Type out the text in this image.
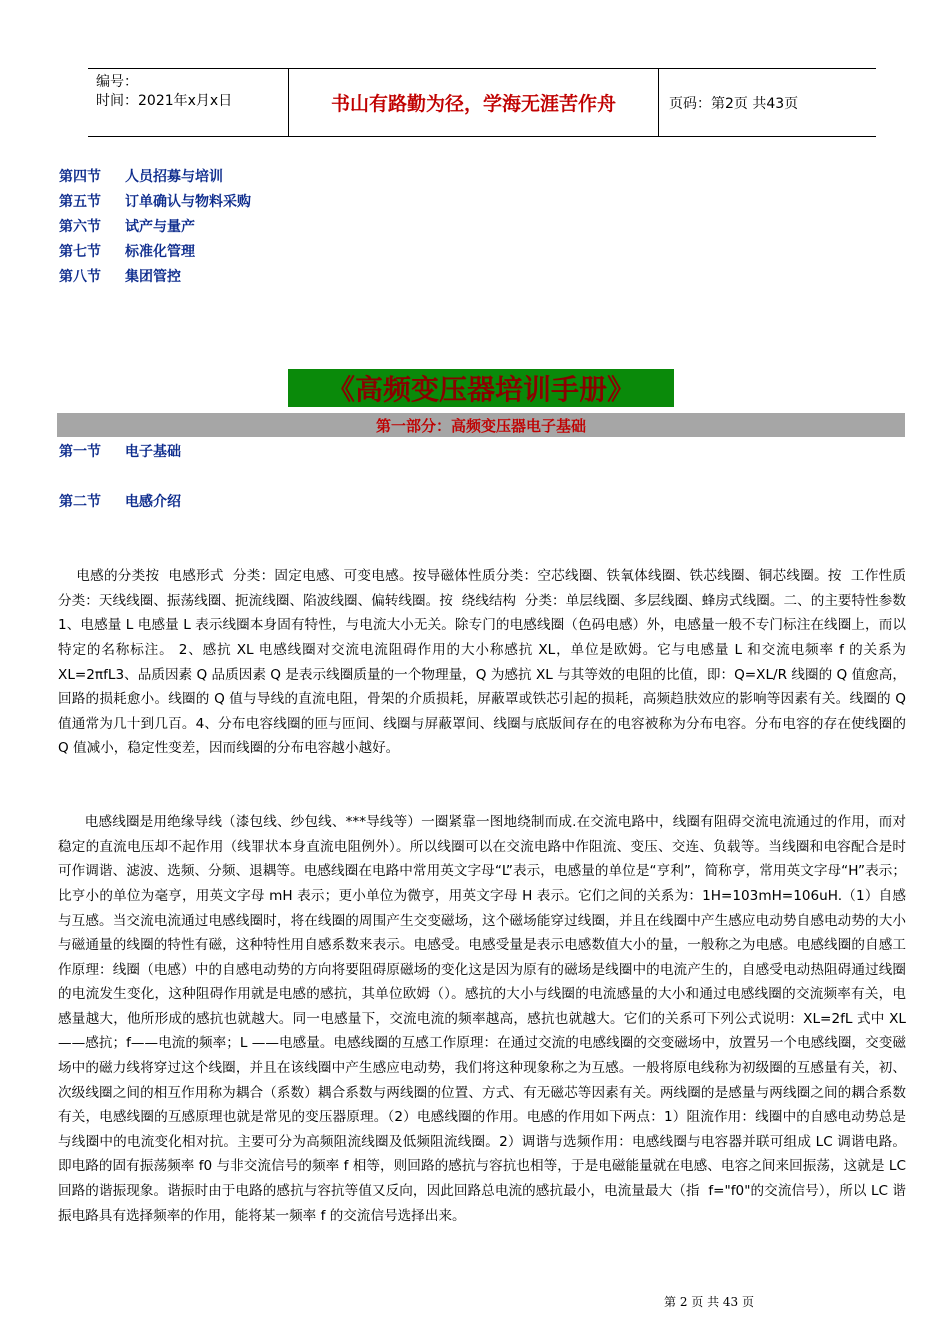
编号：
时间：2021年x月x日	书山有路勤为径，学海无涯苦作舟	页码：第2页 共43页
第四节 人员招募与培训
第五节 订单确认与物料采购
第六节 试产与量产
第七节 标准化管理
第八节 集团管控
《高频变压器培训手册》
第一部分：高频变压器电子基础
第一节 电子基础
第二节 电感介绍

电感的分类按  电感形式  分类：固定电感、可变电感。按导磁体性质分类：空芯线圈、铁氧体线圈、铁芯线圈、铜芯线圈。按  工作性质  分类：天线线圈、振荡线圈、扼流线圈、陷波线圈、偏转线圈。按  绕线结构  分类：单层线圈、多层线圈、蜂房式线圈。二、的主要特性参数 1、电感量 L 电感量 L 表示线圈本身固有特性，与电流大小无关。除专门的电感线圈（色码电感）外，电感量一般不专门标注在线圈上，而以特定的名称标注。 2、感抗 XL 电感线圈对交流电流阻碍作用的大小称感抗 XL，单位是欧姆。它与电感量 L 和交流电频率 f 的关系为 XL=2πfL3、品质因素 Q 品质因素 Q 是表示线圈质量的一个物理量，Q 为感抗 XL 与其等效的电阻的比值，即：Q=XL/R 线圈的 Q 值愈高，回路的损耗愈小。线圈的 Q 值与导线的直流电阻，骨架的介质损耗，屏蔽罩或铁芯引起的损耗，高频趋肤效应的影响等因素有关。线圈的 Q 值通常为几十到几百。4、分布电容线圈的匝与匝间、线圈与屏蔽罩间、线圈与底版间存在的电容被称为分布电容。分布电容的存在使线圈的 Q 值减小，稳定性变差，因而线圈的分布电容越小越好。

电感线圈是用绝缘导线（漆包线、纱包线、***导线等）一圈紧靠一图地绕制而成.在交流电路中，线圈有阻碍交流电流通过的作用，而对稳定的直流电压却不起作用（线罪状本身直流电阻例外）。所以线圈可以在交流电路中作阻流、变压、交连、负载等。当线圈和电容配合是时可作调谐、滤波、选频、分频、退耦等。电感线圈在电路中常用英文字母“L”表示，电感量的单位是“亨利”，简称亨，常用英文字母“H”表示；比亨小的单位为毫亨，用英文字母 mH 表示；更小单位为微亨，用英文字母 H 表示。它们之间的关系为：1H=103mH=106uH.（1）自感与互感。当交流电流通过电感线圈时，将在线圈的周围产生交变磁场，这个磁场能穿过线圈，并且在线圈中产生感应电动势自感电动势的大小与磁通量的线圈的特性有磁，这种特性用自感系数来表示。电感受。电感受量是表示电感数值大小的量，一般称之为电感。电感线圈的自感工作原理：线圈（电感）中的自感电动势的方向将要阻碍原磁场的变化这是因为原有的磁场是线圈中的电流产生的，自感受电动热阻碍通过线圈的电流发生变化，这种阻碍作用就是电感的感抗，其单位欧姆（）。感抗的大小与线圈的电流感量的大小和通过电感线圈的交流频率有关，电感量越大，他所形成的感抗也就越大。同一电感量下，交流电流的频率越高，感抗也就越大。它们的关系可下列公式说明：XL=2fL 式中 XL——感抗；f——电流的频率；L ——电感量。电感线圈的互感工作原理：在通过交流的电感线圈的交变磁场中，放置另一个电感线圈，交变磁场中的磁力线将穿过这个线圈，并且在该线圈中产生感应电动势，我们将这种现象称之为互感。一般将原电线称为初级圈的互感量有关，初、次级线圈之间的相互作用称为耦合（系数）耦合系数与两线圈的位置、方式、有无磁芯等因素有关。两线圈的是感量与两线圈之间的耦合系数有关，电感线圈的互感原理也就是常见的变压器原理。（2）电感线圈的作用。电感的作用如下两点：1）阻流作用：线圈中的自感电动势总是与线圈中的电流变化相对抗。主要可分为高频阻流线圈及低频阻流线圈。2）调谐与选频作用：电感线圈与电容器并联可组成 LC 调谐电路。即电路的固有振荡频率 f0 与非交流信号的频率 f 相等，则回路的感抗与容抗也相等，于是电磁能量就在电感、电容之间来回振荡，这就是 LC 回路的谐振现象。谐振时由于电路的感抗与容抗等值又反向，因此回路总电流的感抗最小，电流量最大（指  f="f0"的交流信号），所以 LC 谐振电路具有选择频率的作用，能将某一频率 f 的交流信号选择出来。

第 2 页 共 43 页
